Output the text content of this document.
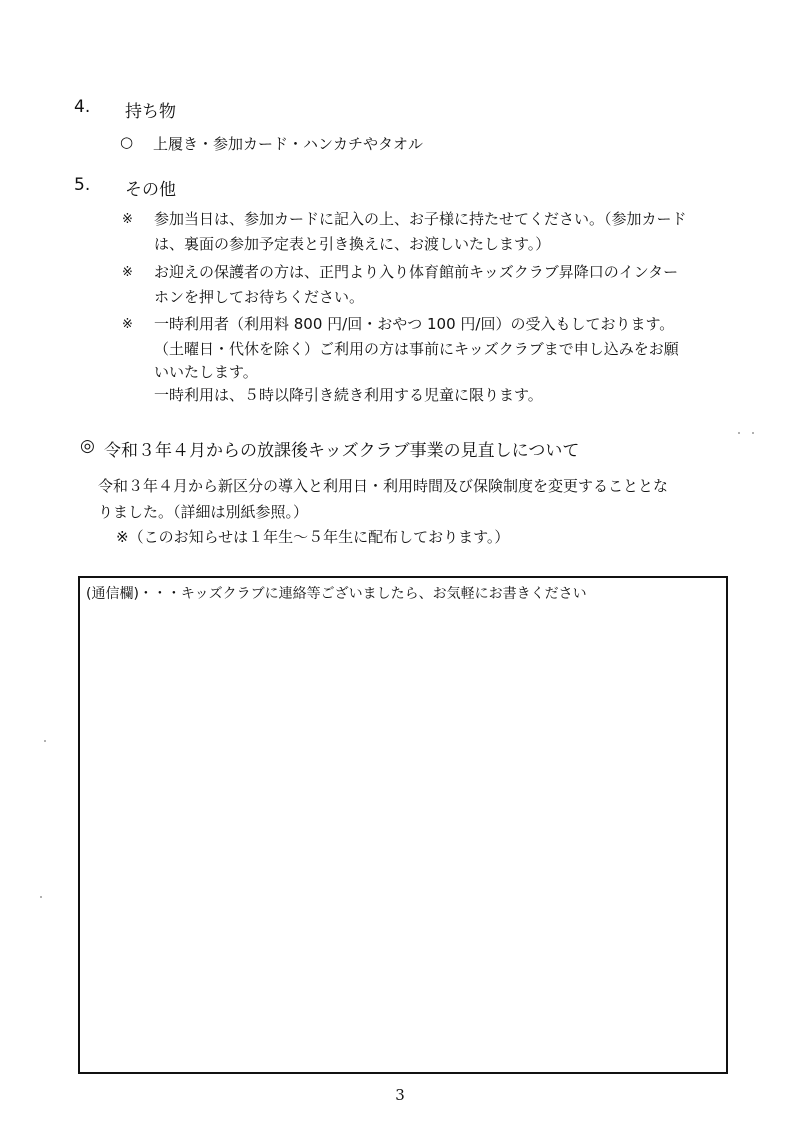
4. 持ち物
○ 上履き・参加カード・ハンカチやタオル
5. その他
※ 参加当日は、参加カードに記入の上、お子様に持たせてください。（参加カード
は、裏面の参加予定表と引き換えに、お渡しいたします。）
※ お迎えの保護者の方は、正門より入り体育館前キッズクラブ昇降口のインター
ホンを押してお待ちください。
※ 一時利用者（利用料 800 円/回・おやつ 100 円/回）の受入もしております。
（土曜日・代休を除く）ご利用の方は事前にキッズクラブまで申し込みをお願
いいたします。
一時利用は、５時以降引き続き利用する児童に限ります。
◎ 令和３年４月からの放課後キッズクラブ事業の見直しについて
令和３年４月から新区分の導入と利用日・利用時間及び保険制度を変更することとな
りました。（詳細は別紙参照。）
※（このお知らせは１年生～５年生に配布しております。）
(通信欄)・・・キッズクラブに連絡等ございましたら、お気軽にお書きください
3
